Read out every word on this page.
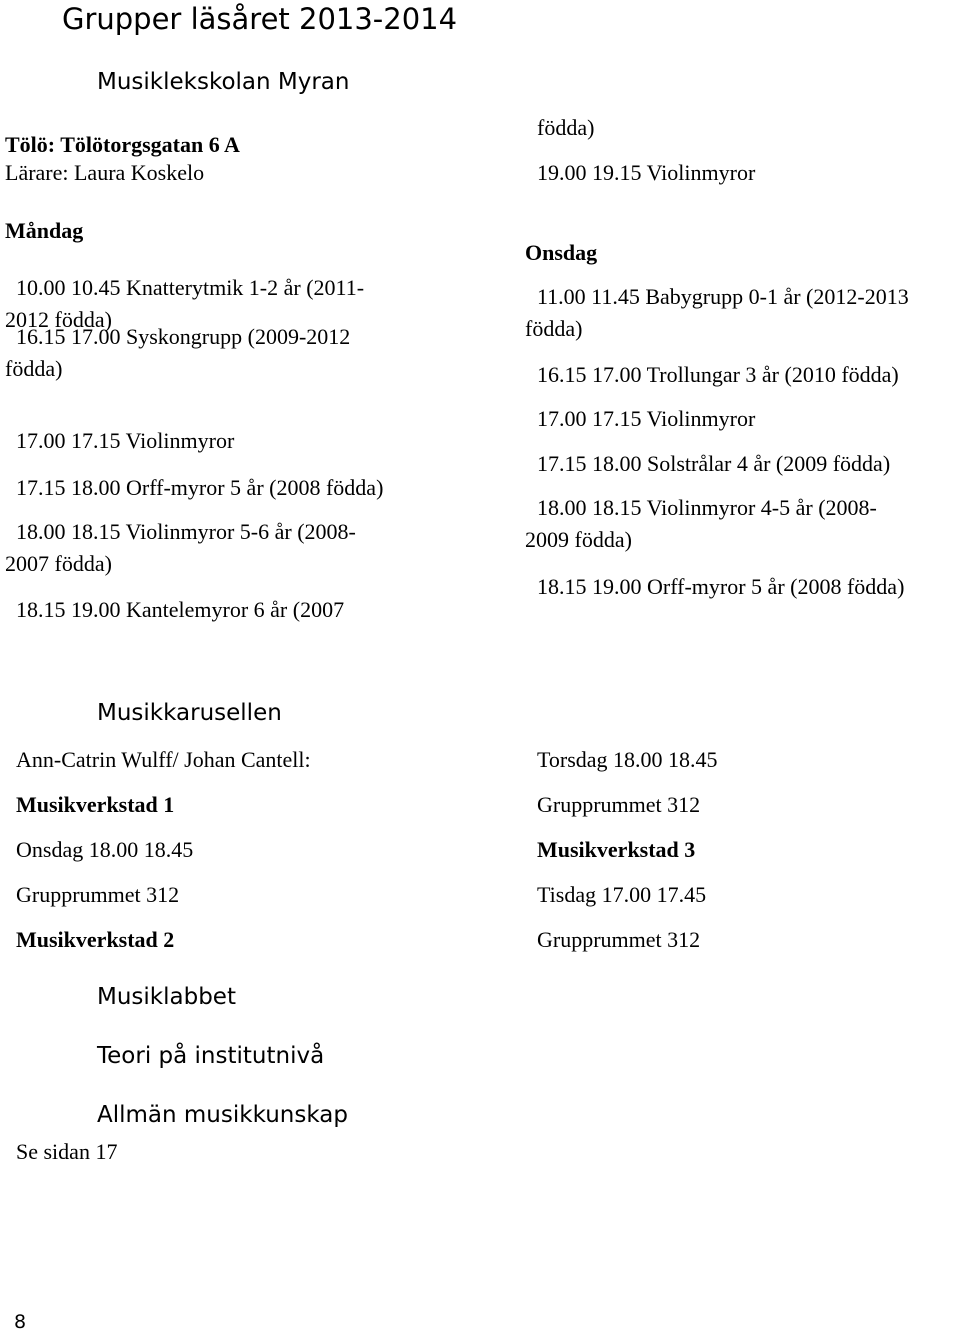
Grupper läsåret 2013-2014
Musiklekskolan Myran
Tölö: Tölötorgsgatan 6 A
Lärare: Laura Koskelo
Måndag
10.00 10.45 Knatterytmik 1-2 år (2011-
2012 födda)
16.15 17.00 Syskongrupp (2009-2012
födda)
17.00 17.15 Violinmyror
17.15 18.00 Orff-myror 5 år (2008 födda)
18.00 18.15 Violinmyror 5-6 år (2008-
2007 födda)
18.15 19.00 Kantelemyror 6 år (2007
födda)
19.00 19.15 Violinmyror
Onsdag
11.00 11.45 Babygrupp 0-1 år (2012-2013
födda)
16.15 17.00 Trollungar 3 år (2010 födda)
17.00 17.15 Violinmyror
17.15 18.00 Solstrålar 4 år (2009 födda)
18.00 18.15 Violinmyror 4-5 år (2008-
2009 födda)
18.15 19.00 Orff-myror 5 år (2008 födda)
Musikkarusellen
Ann-Catrin Wulff/ Johan Cantell:
Musikverkstad 1
Onsdag 18.00 18.45
Grupprummet 312
Musikverkstad 2
Torsdag 18.00 18.45
Grupprummet 312
Musikverkstad 3
Tisdag 17.00 17.45
Grupprummet 312
Musiklabbet
Teori på institutnivå
Allmän musikkunskap
Se sidan 17
8
